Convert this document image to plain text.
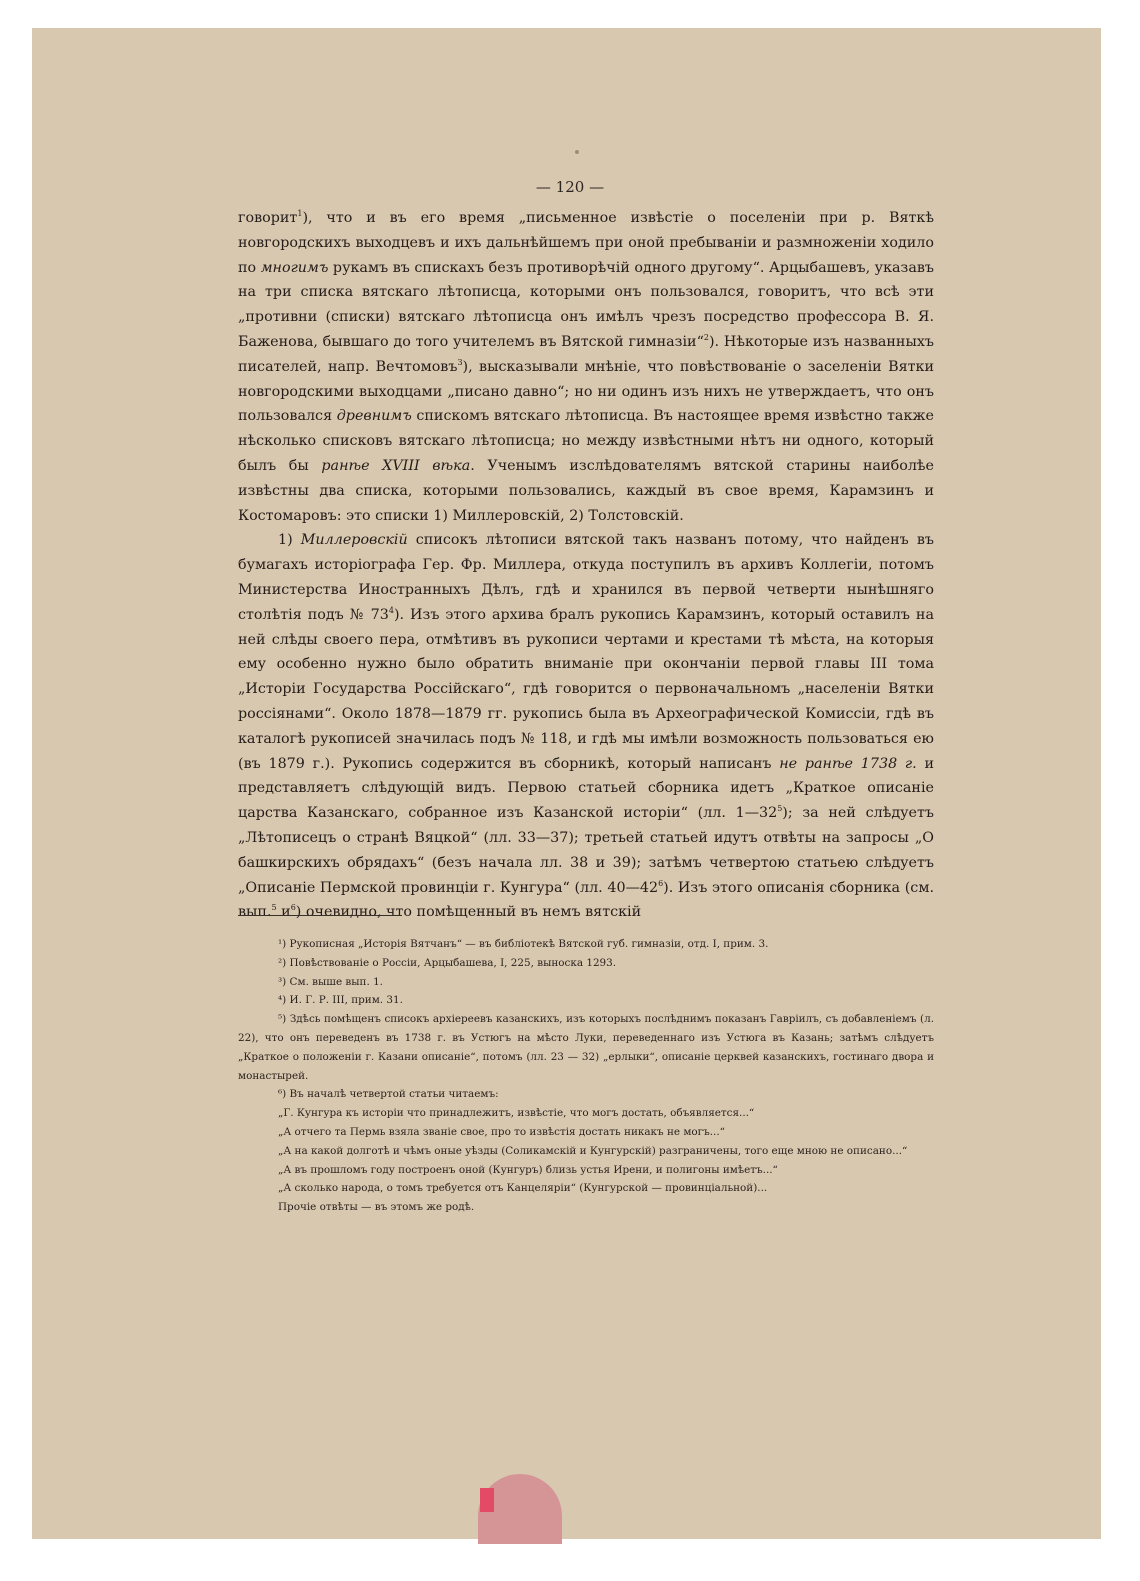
— 120 —

говорит$^1$), что и въ его время „письменное извѣстіе о поселеніи при р. Вяткѣ новгородскихъ выходцевъ и ихъ дальнѣйшемъ при оной пребываніи и размноженіи ходило по многимъ рукамъ въ спискахъ безъ противорѣчій одного другому“. Арцыбашевъ, указавъ на три списка вятскаго лѣтописца, которыми онъ пользовался, говоритъ, что всѣ эти „противни (списки) вятскаго лѣтописца онъ имѣлъ чрезъ посредство профессора В. Я. Баженова, бывшаго до того учителемъ въ Вятской гимназіи“$^2$). Нѣкоторые изъ названныхъ писателей, напр. Вечтомовъ$^3$), высказывали мнѣніе, что повѣствованіе о заселеніи Вятки новгородскими выходцами „писано давно“; но ни одинъ изъ нихъ не утверждаетъ, что онъ пользовался древнимъ спискомъ вятскаго лѣтописца. Въ настоящее время извѣстно также нѣсколько списковъ вятскаго лѣтописца; но между извѣстными нѣтъ ни одного, который былъ бы ранѣе XVIII вѣка. Ученымъ изслѣдователямъ вятской старины наиболѣе извѣстны два списка, которыми пользовались, каждый въ свое время, Карамзинъ и Костомаровъ: это списки 1) Миллеровскій, 2) Толстовскій.

1) Миллеровскій списокъ лѣтописи вятской такъ названъ потому, что найденъ въ бумагахъ исторіографа Гер. Фр. Миллера, откуда поступилъ въ архивъ Коллегіи, потомъ Министерства Иностранныхъ Дѣлъ, гдѣ и хранился въ первой четверти нынѣшняго столѣтія подъ № $73^4$). Изъ этого архива бралъ рукопись Карамзинъ, который оставилъ на ней слѣды своего пера, отмѣтивъ въ рукописи чертами и крестами тѣ мѣста, на которыя ему особенно нужно было обратить вниманіе при окончаніи первой главы III тома „Исторіи Государства Россійскаго“, гдѣ говорится о первоначальномъ „населеніи Вятки россіянами“. Около 1878—1879 гг. рукопись была въ Археографической Комиссіи, гдѣ въ каталогѣ рукописей значилась подъ № 118, и гдѣ мы имѣли возможность пользоваться ею (въ 1879 г.). Рукопись содержится въ сборникѣ, который написанъ не ранѣе 1738 г. и представляетъ слѣдующій видъ. Первою статьей сборника идетъ „Краткое описаніе царства Казанскаго, собранное изъ Казанской исторіи“ (лл. $1—32^5$); за ней слѣдуетъ „Лѣтописецъ о странѣ Вяцкой“ (лл. 33—37); третьей статьей идутъ отвѣты на запросы „О башкирскихъ обрядахъ“ (безъ начала лл. 38 и 39); затѣмъ четвертою статьею слѣдуетъ „Описаніе Пермской провинціи г. Кунгура“ (лл. $40—42^6$). Изъ этого описанія сборника (см. вып.$^5$ $и^6$) очевидно, что помѣщенный въ немъ вятскій

¹) Рукописная „Исторія Вятчанъ“ — въ библіотекѣ Вятской губ. гимназіи, отд. I, прим. 3.

²) Повѣствованіе о Россіи, Арцыбашева, I, 225, выноска 1293.

³) См. выше вып. 1.

⁴) И. Г. Р. III, прим. 31.

⁵) Здѣсь помѣщенъ списокъ архіереевъ казанскихъ, изъ которыхъ послѣднимъ показанъ Гавріилъ, съ добавленіемъ (л. 22), что онъ переведенъ въ 1738 г. въ Устюгъ на мѣсто Луки, переведеннаго изъ Устюга въ Казань; затѣмъ слѣдуетъ „Краткое о положеніи г. Казани описаніе“, потомъ (лл. 23 — 32) „ерлыки“, описаніе церквей казанскихъ, гостинаго двора и монастырей.

⁶) Въ началѣ четвертой статьи читаемъ:

„Г. Кунгура къ исторіи что принадлежитъ, извѣстіе, что могъ достать, объявляется...“

„А отчего та Пермь взяла званіе свое, про то извѣстія достать никакъ не могъ...“

„А на какой долготѣ и чѣмъ оные уѣзды (Соликамскій и Кунгурскій) разграничены, того еще мною не описано...“

„А въ прошломъ году построенъ оной (Кунгуръ) близь устья Ирени, и полигоны имѣетъ...“

„А сколько народа, о томъ требуется отъ Канцеляріи“ (Кунгурской — провинціальной)...

Прочіе отвѣты — въ этомъ же родѣ.
